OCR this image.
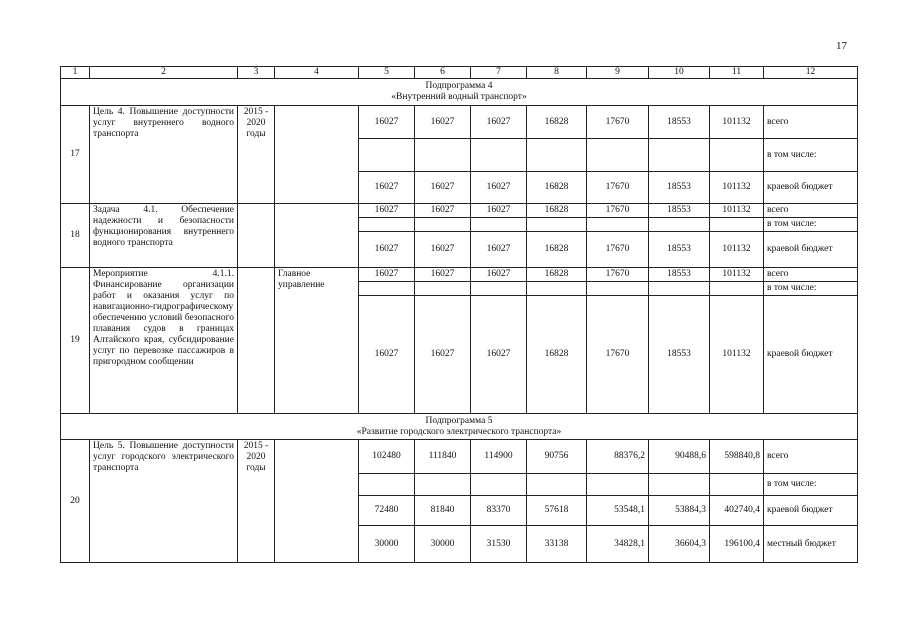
17
1	2	3	4	5	6	7	8	9	10	11	12

Подпрограмма 4
«Внутренний водный транспорт»											

17	Цель 4. Повышение доступности услуг внутреннего водного транспорта	2015 - 2020 годы		16027	16027	16027	16828	17670	18553	101132	всего
											в том числе:
				16027	16027	16027	16828	17670	18553	101132	краевой бюджет
18	Задача 4.1. Обеспечение надежности и безопасности функционирования внутреннего водного транспорта			16027	16027	16027	16828	17670	18553	101132	всего
											в том числе:
				16027	16027	16027	16828	17670	18553	101132	краевой бюджет
19	Мероприятие 4.1.1. Финансирование организации работ и оказания услуг по навигационно-гидрографическому обеспечению условий безопасного плавания судов в границах Алтайского края, субсидирование услуг по перевозке пассажиров в пригородном сообщении		Главное управление	16027	16027	16027	16828	17670	18553	101132	всего
											в том числе:
				16027	16027	16027	16828	17670	18553	101132	краевой бюджет

Подпрограмма 5
«Развитие городского электрического транспорта»											

20	Цель 5. Повышение доступности услуг городского электрического транспорта	2015 - 2020 годы		102480	111840	114900	90756	88376,2	90488,6	598840,8	всего
											в том числе:
				72480	81840	83370	57618	53548,1	53884,3	402740,4	краевой бюджет
				30000	30000	31530	33138	34828,1	36604,3	196100,4	местный бюджет
